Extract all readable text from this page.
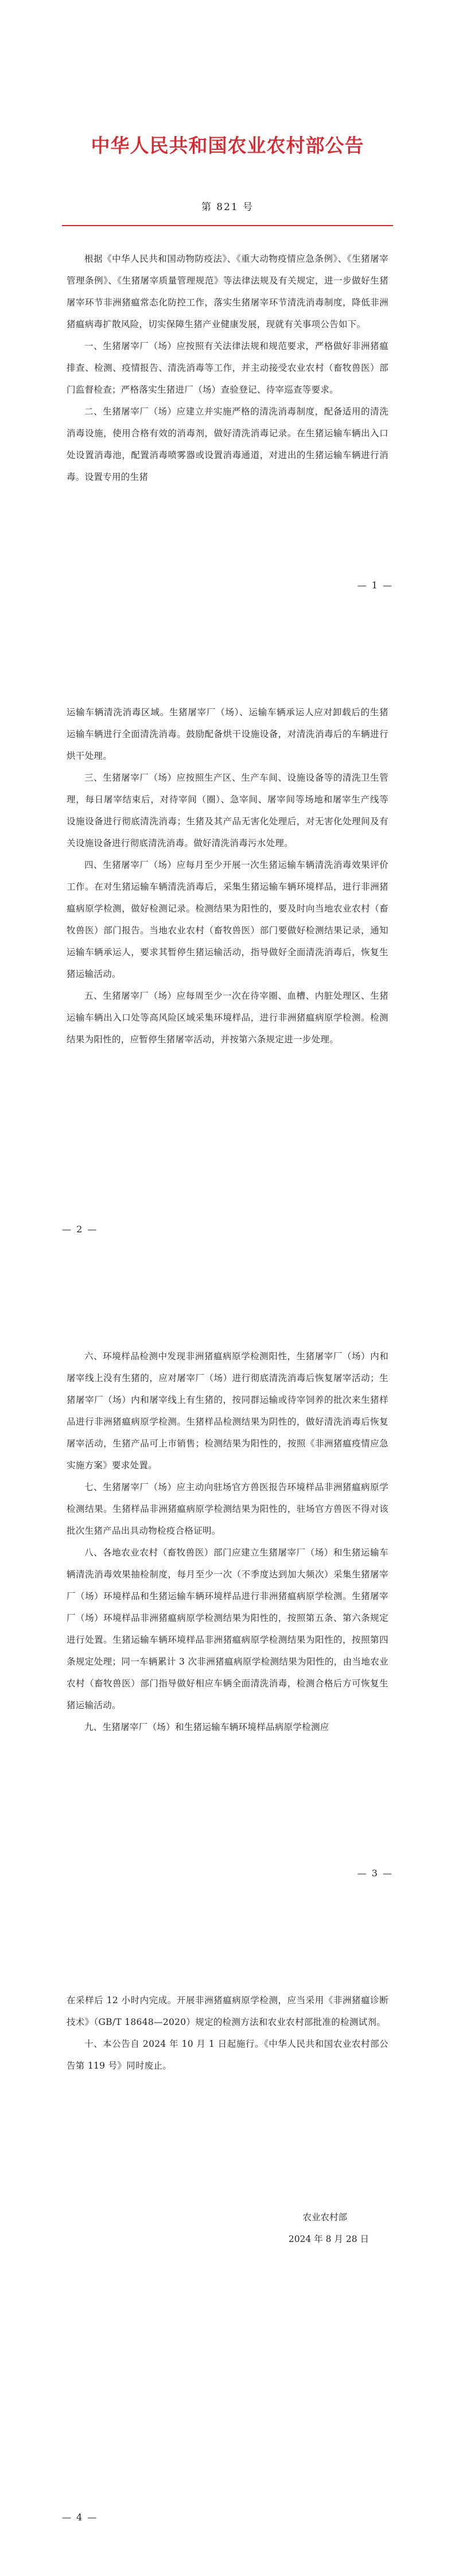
中华人民共和国农业农村部公告
第 821 号

根据《中华人民共和国动物防疫法》、《重大动物疫情应急条例》、《生猪屠宰管理条例》、《生猪屠宰质量管理规范》等法律法规及有关规定，进一步做好生猪屠宰环节非洲猪瘟常态化防控工作，落实生猪屠宰环节清洗消毒制度，降低非洲猪瘟病毒扩散风险，切实保障生猪产业健康发展，现就有关事项公告如下。

一、生猪屠宰厂（场）应按照有关法律法规和规范要求，严格做好非洲猪瘟排查、检测、疫情报告、清洗消毒等工作，并主动接受农业农村（畜牧兽医）部门监督检查；严格落实生猪进厂（场）查验登记、待宰巡查等要求。

二、生猪屠宰厂（场）应建立并实施严格的清洗消毒制度，配备适用的清洗消毒设施，使用合格有效的消毒剂，做好清洗消毒记录。在生猪运输车辆出入口处设置消毒池，配置消毒喷雾器或设置消毒通道，对进出的生猪运输车辆进行消毒。设置专用的生猪

— 1 —

运输车辆清洗消毒区域。生猪屠宰厂（场）、运输车辆承运人应对卸载后的生猪运输车辆进行全面清洗消毒。鼓励配备烘干设施设备，对清洗消毒后的车辆进行烘干处理。

三、生猪屠宰厂（场）应按照生产区、生产车间、设施设备等的清洗卫生管理，每日屠宰结束后，对待宰间（圈）、急宰间、屠宰间等场地和屠宰生产线等设施设备进行彻底清洗消毒；生猪及其产品无害化处理后，对无害化处理间及有关设施设备进行彻底清洗消毒。做好清洗消毒污水处理。

四、生猪屠宰厂（场）应每月至少开展一次生猪运输车辆清洗消毒效果评价工作。在对生猪运输车辆清洗消毒后，采集生猪运输车辆环境样品，进行非洲猪瘟病原学检测，做好检测记录。检测结果为阳性的，要及时向当地农业农村（畜牧兽医）部门报告。当地农业农村（畜牧兽医）部门要做好检测结果记录，通知运输车辆承运人，要求其暂停生猪运输活动，指导做好全面清洗消毒后，恢复生猪运输活动。

五、生猪屠宰厂（场）应每周至少一次在待宰圈、血槽、内脏处理区、生猪运输车辆出入口处等高风险区域采集环境样品，进行非洲猪瘟病原学检测。检测结果为阳性的，应暂停生猪屠宰活动，并按第六条规定进一步处理。

— 2 —

六、环境样品检测中发现非洲猪瘟病原学检测阳性，生猪屠宰厂（场）内和屠宰线上没有生猪的，应对屠宰厂（场）进行彻底清洗消毒后恢复屠宰活动；生猪屠宰厂（场）内和屠宰线上有生猪的，按同群运输或待宰饲养的批次来生猪样品进行非洲猪瘟病原学检测。生猪样品检测结果为阴性的，做好清洗消毒后恢复屠宰活动，生猪产品可上市销售；检测结果为阳性的，按照《非洲猪瘟疫情应急实施方案》要求处置。

七、生猪屠宰厂（场）应主动向驻场官方兽医报告环境样品非洲猪瘟病原学检测结果。生猪样品非洲猪瘟病原学检测结果为阳性的，驻场官方兽医不得对该批次生猪产品出具动物检疫合格证明。

八、各地农业农村（畜牧兽医）部门应建立生猪屠宰厂（场）和生猪运输车辆清洗消毒效果抽检制度，每月至少一次（不季度达到加大频次）采集生猪屠宰厂（场）环境样品和生猪运输车辆环境样品进行非洲猪瘟病原学检测。生猪屠宰厂（场）环境样品非洲猪瘟病原学检测结果为阳性的，按照第五条、第六条规定进行处置。生猪运输车辆环境样品非洲猪瘟病原学检测结果为阳性的，按照第四条规定处理；同一车辆累计 3 次非洲猪瘟病原学检测结果为阳性的，由当地农业农村（畜牧兽医）部门指导做好相应车辆全面清洗消毒，检测合格后方可恢复生猪运输活动。

九、生猪屠宰厂（场）和生猪运输车辆环境样品病原学检测应

— 3 —

在采样后 12 小时内完成。开展非洲猪瘟病原学检测，应当采用《非洲猪瘟诊断技术》（GB/T 18648—2020）规定的检测方法和农业农村部批准的检测试剂。

十、本公告自 2024 年 10 月 1 日起施行。《中华人民共和国农业农村部公告第 119 号》同时废止。

农业农村部
2024 年 8 月 28 日
— 4 —
